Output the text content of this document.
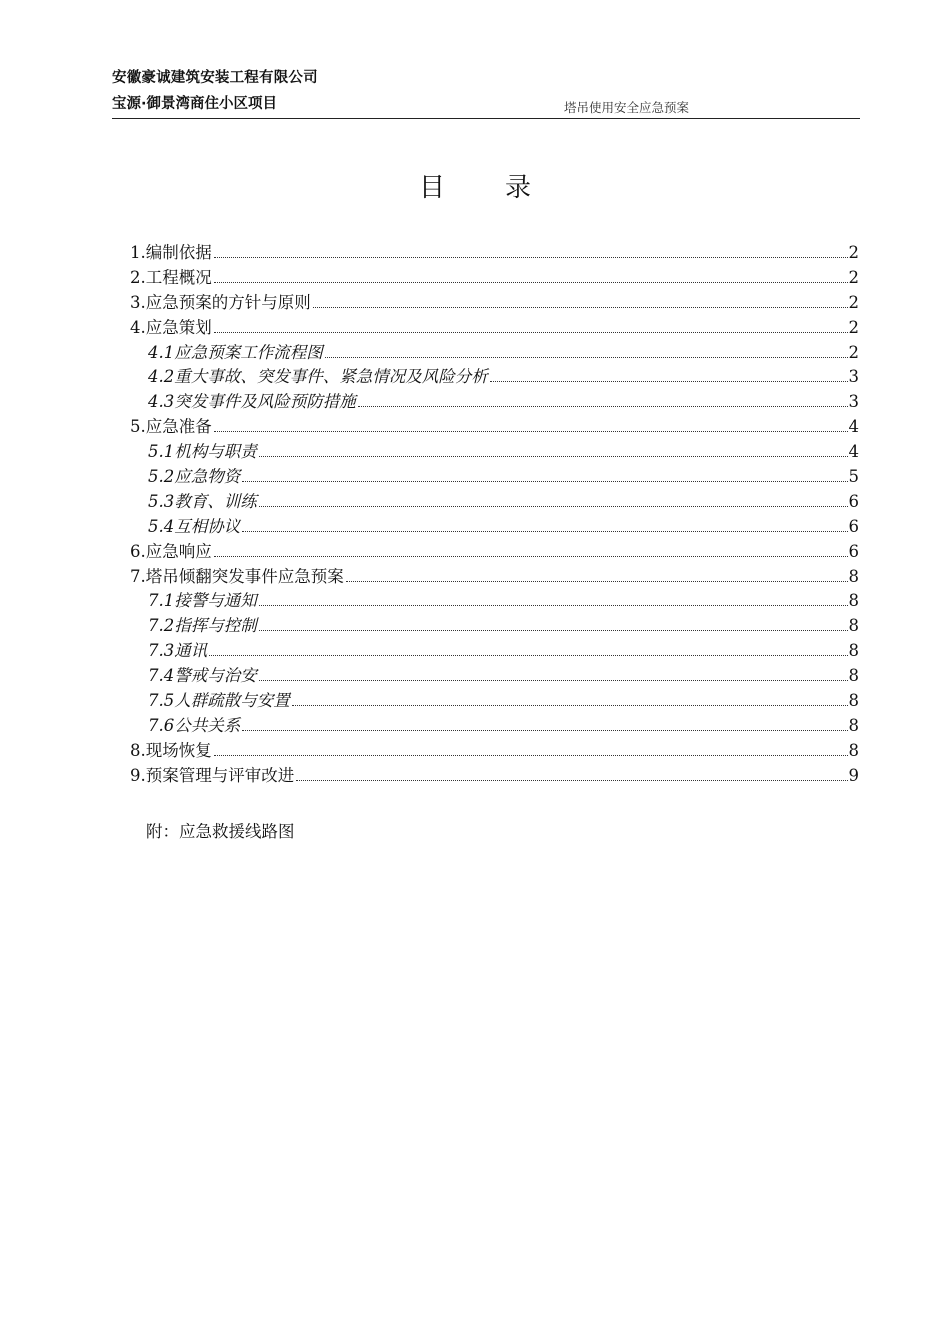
安徽豪诚建筑安装工程有限公司
宝源·御景湾商住小区项目	塔吊使用安全应急预案
目 录
1.编制依据	2
2.工程概况	2
3.应急预案的方针与原则	2
4.应急策划	2
4.1应急预案工作流程图	2
4.2重大事故、突发事件、紧急情况及风险分析	3
4.3突发事件及风险预防措施	3
5.应急准备	4
5.1机构与职责	4
5.2应急物资	5
5.3教育、训练	6
5.4互相协议	6
6.应急响应	6
7.塔吊倾翻突发事件应急预案	8
7.1接警与通知	8
7.2指挥与控制	8
7.3通讯	8
7.4警戒与治安	8
7.5人群疏散与安置	8
7.6公共关系	8
8.现场恢复	8
9.预案管理与评审改进	9
附：应急救援线路图
